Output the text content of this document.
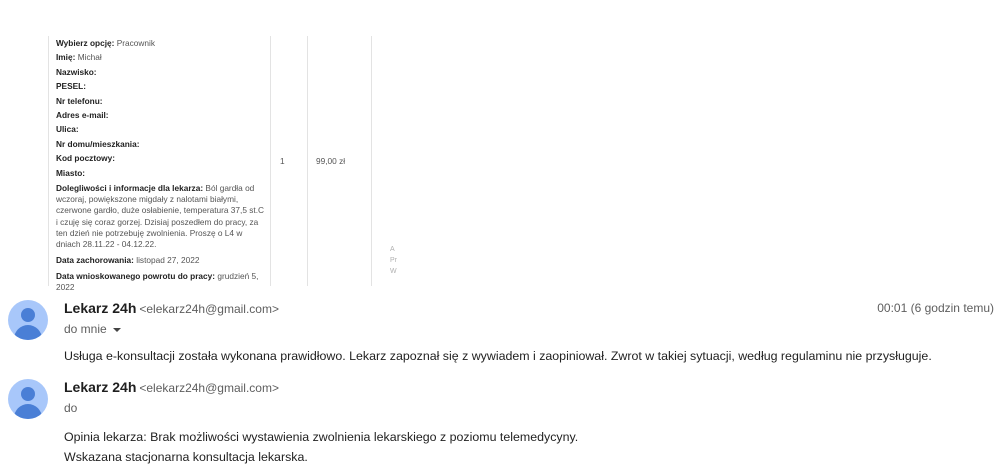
Wybierz opcję: Pracownik
Imię: Michał
Nazwisko:
PESEL:
Nr telefonu:
Adres e-mail:
Ulica:
Nr domu/mieszkania:
Kod pocztowy:
Miasto:
Dolegliwości i informacje dla lekarza: Ból gardła od wczoraj, powiększone migdały z nalotami białymi, czerwone gardło, duże osłabienie, temperatura 37,5 st.C i czuję się coraz gorzej. Dzisiaj poszedłem do pracy, za ten dzień nie potrzebuję zwolnienia. Proszę o L4 w dniach 28.11.22 - 04.12.22.
Data zachorowania: listopad 27, 2022
Data wnioskowanego powrotu do pracy: grudzień 5, 2022
1	99,00 zł
A
Pr
W
Lekarz 24h <elekarz24h@gmail.com>
do mnie
00:01 (6 godzin temu)
Usługa e-konsultacji została wykonana prawidłowo. Lekarz zapoznał się z wywiadem i zaopiniował. Zwrot w takiej sytuacji, według regulaminu nie przysługuje.
Lekarz 24h <elekarz24h@gmail.com>
do
Opinia lekarza: Brak możliwości wystawienia zwolnienia lekarskiego z poziomu telemedycyny.
Wskazana stacjonarna konsultacja lekarska.
